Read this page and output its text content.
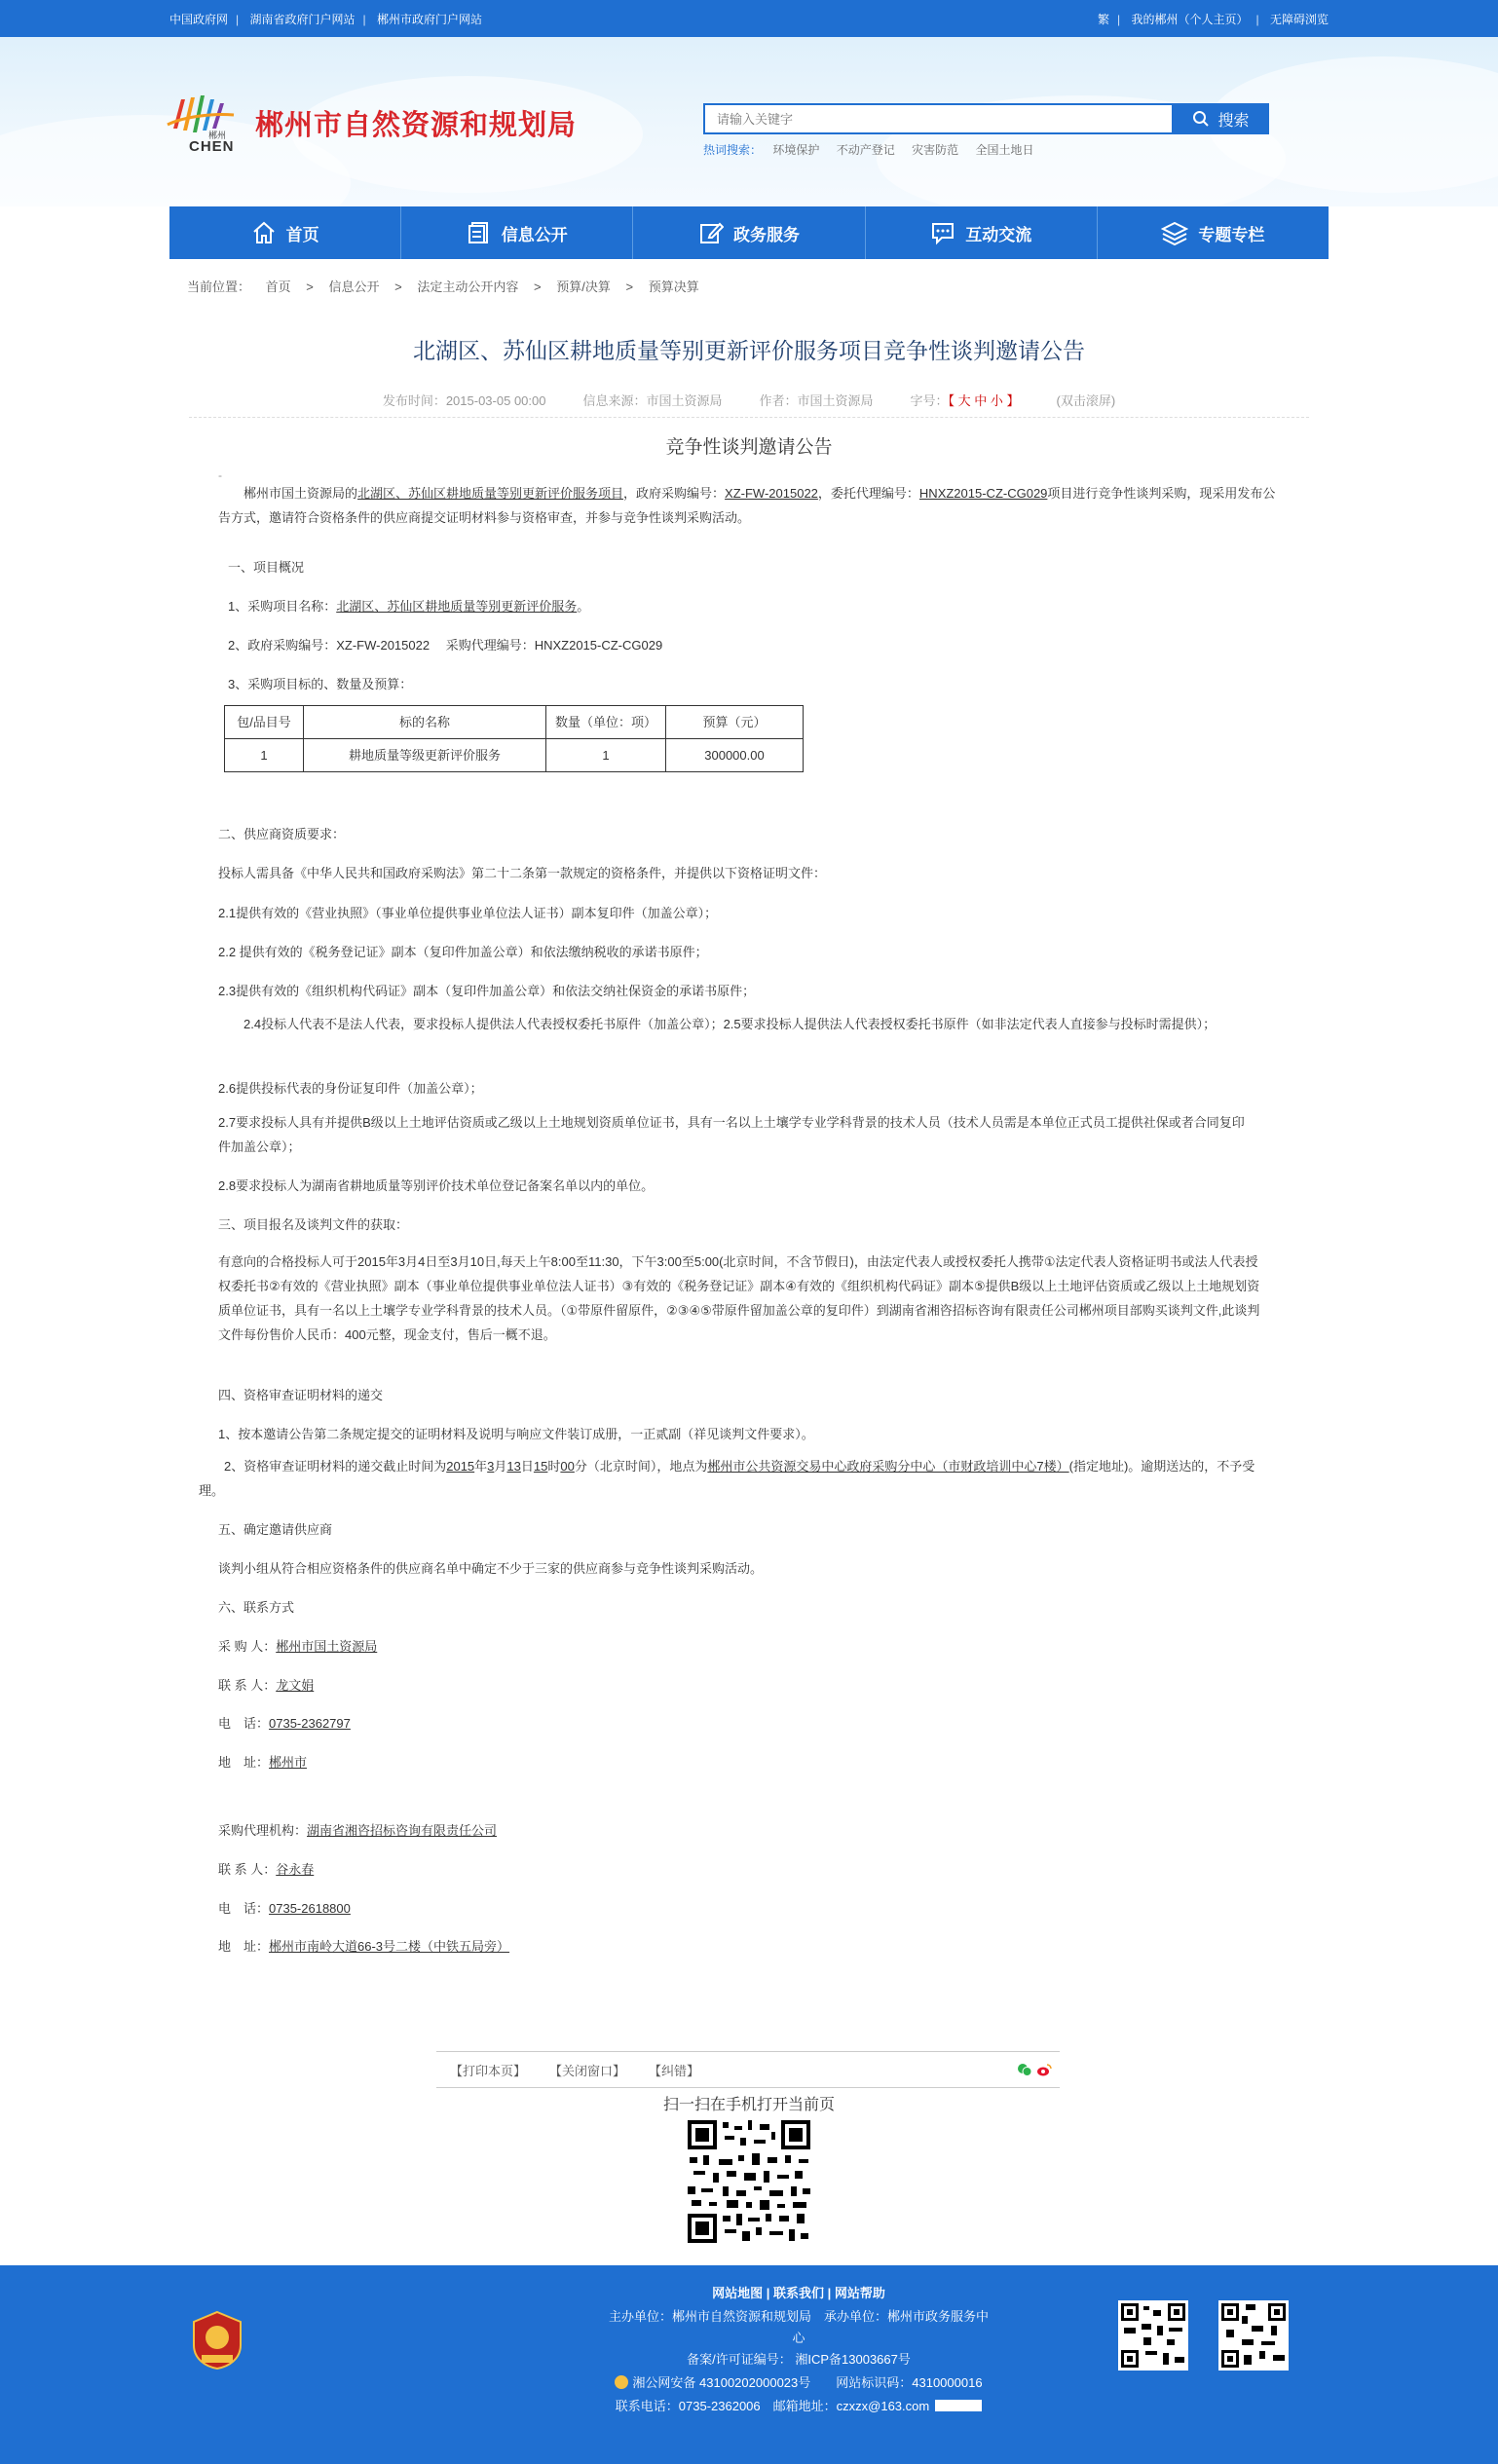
中国政府网 | 湖南省政府门户网站 | 郴州市政府门户网站	繁 | 我的郴州（个人主页） | 无障碍浏览
郴州
CHEN
郴州市自然资源和规划局
请输入关键字	搜索
热词搜索： 环境保护 不动产登记 灾害防范 全国土地日
首页	信息公开	政务服务	互动交流	专题专栏
当前位置： 首页 > 信息公开 > 法定主动公开内容 > 预算/决算 > 预算决算
北湖区、苏仙区耕地质量等别更新评价服务项目竞争性谈判邀请公告
发布时间：2015-03-05 00:00	信息来源：市国土资源局	作者：市国土资源局	字号：【 大 中 小 】	(双击滚屏)
竞争性谈判邀请公告
-

郴州市国土资源局的北湖区、苏仙区耕地质量等别更新评价服务项目，政府采购编号：XZ-FW-2015022，委托代理编号：HNXZ2015-CZ-CG029项目进行竞争性谈判采购，现采用发布公告方式，邀请符合资格条件的供应商提交证明材料参与资格审查，并参与竞争性谈判采购活动。

一、项目概况

1、采购项目名称：北湖区、苏仙区耕地质量等别更新评价服务。

2、政府采购编号：XZ-FW-2015022　 采购代理编号：HNXZ2015-CZ-CG029

3、采购项目标的、数量及预算：

二、供应商资质要求：

投标人需具备《中华人民共和国政府采购法》第二十二条第一款规定的资格条件，并提供以下资格证明文件：

2.1提供有效的《营业执照》（事业单位提供事业单位法人证书）副本复印件（加盖公章）；

2.2 提供有效的《税务登记证》副本（复印件加盖公章）和依法缴纳税收的承诺书原件；

2.3提供有效的《组织机构代码证》副本（复印件加盖公章）和依法交纳社保资金的承诺书原件；

2.4投标人代表不是法人代表，要求投标人提供法人代表授权委托书原件（加盖公章）；2.5要求投标人提供法人代表授权委托书原件（如非法定代表人直接参与投标时需提供）；

2.6提供投标代表的身份证复印件（加盖公章）；

2.7要求投标人具有并提供B级以上土地评估资质或乙级以上土地规划资质单位证书，具有一名以上土壤学专业学科背景的技术人员（技术人员需是本单位正式员工提供社保或者合同复印件加盖公章）；

2.8要求投标人为湖南省耕地质量等别评价技术单位登记备案名单以内的单位。

三、项目报名及谈判文件的获取：

有意向的合格投标人可于2015年3月4日至3月10日,每天上午8:00至11:30，下午3:00至5:00(北京时间，不含节假日)，由法定代表人或授权委托人携带①法定代表人资格证明书或法人代表授权委托书②有效的《营业执照》副本（事业单位提供事业单位法人证书）③有效的《税务登记证》副本④有效的《组织机构代码证》副本⑤提供B级以上土地评估资质或乙级以上土地规划资质单位证书，具有一名以上土壤学专业学科背景的技术人员。（①带原件留原件，②③④⑤带原件留加盖公章的复印件）到湖南省湘咨招标咨询有限责任公司郴州项目部购买谈判文件,此谈判文件每份售价人民币：400元整，现金支付，售后一概不退。

四、资格审查证明材料的递交

1、按本邀请公告第二条规定提交的证明材料及说明与响应文件装订成册，一正贰副（祥见谈判文件要求）。

2、资格审查证明材料的递交截止时间为2015年3月13日15时00分（北京时间），地点为郴州市公共资源交易中心政府采购分中心（市财政培训中心7楼）(指定地址)。逾期送达的，不予受理。

五、确定邀请供应商

谈判小组从符合相应资格条件的供应商名单中确定不少于三家的供应商参与竞争性谈判采购活动。

六、联系方式

采 购 人：郴州市国土资源局

联 系 人：龙文娟

电　话：0735-2362797

地　址：郴州市

采购代理机构：湖南省湘咨招标咨询有限责任公司

联 系 人：谷永春

电　话：0735-2618800

地　址：郴州市南岭大道66-3号二楼（中铁五局旁）

包/品目号	标的名称	数量（单位：项）	预算（元）
1	耕地质量等级更新评价服务	1	300000.00
【打印本页】 【关闭窗口】 【纠错】
扫一扫在手机打开当前页
网站地图 | 联系我们 | 网站帮助
主办单位：郴州市自然资源和规划局　承办单位：郴州市政务服务中
心
备案/许可证编号： 湘ICP备13003667号
湘公网安备 43100202000023号　　网站标识码：4310000016
联系电话：0735-2362006　邮箱地址：czxzx@163.com
